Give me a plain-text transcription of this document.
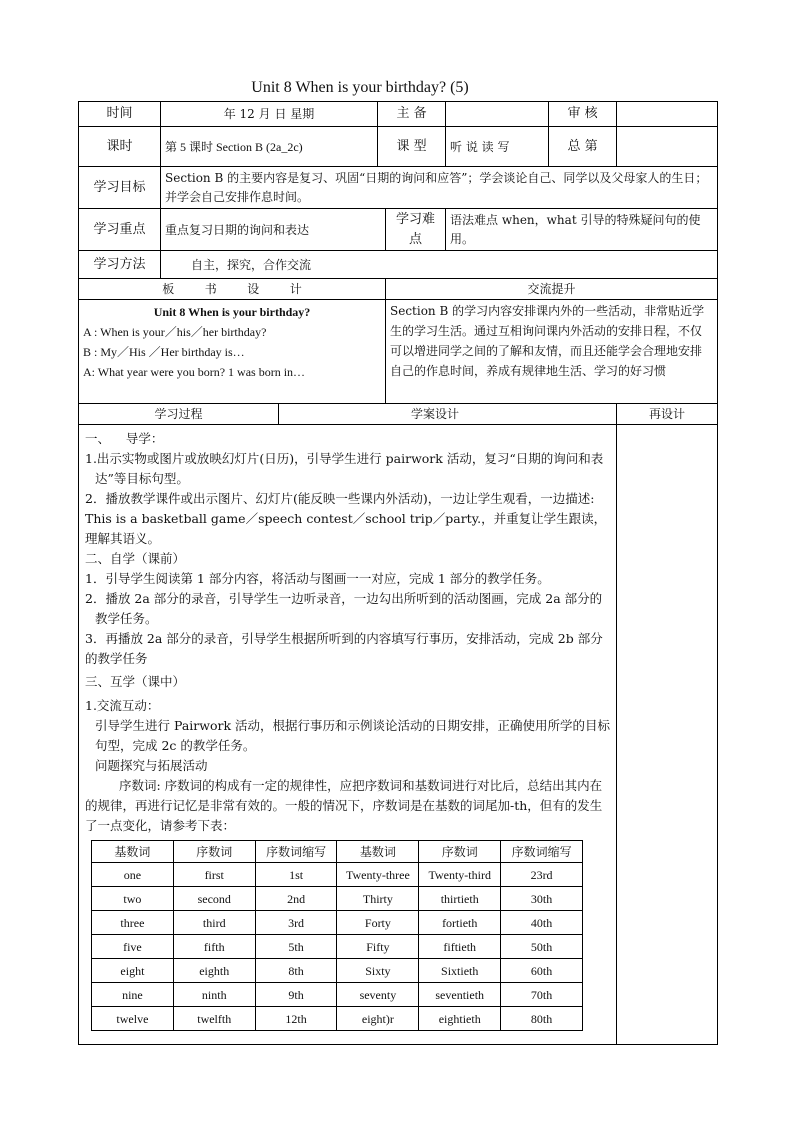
Unit 8 When is your birthday? (5)
时间	年 12 月 日 星期	主 备		审 核	
课时	第 5 课时 Section B (2a_2c)	课 型	听 说 读 写	总 第	
学习目标	Section B 的主要内容是复习、巩固“日期的询问和应答”；学会谈论自己、同学以及父母家人的生日；并学会自己安排作息时间。
学习重点	重点复习日期的询问和表达	学习难点	语法难点 when，what 引导的特殊疑问句的使用。
学习方法	自主，探究，合作交流
板        书        设        计	交流提升

Unit 8 When is your birthday?
A : When is your／his／her birthday?
B : My／His ／Her birthday is…
A: What year were you born? 1 was born in…
	Section B 的学习内容安排课内外的一些活动，非常贴近学生的学习生活。通过互相询问课内外活动的安排日程，不仅可以增进同学之间的了解和友情，而且还能学会合理地安排自己的作息时间，养成有规律地生活、学习的好习惯
学习过程	学案设计	再设计

一、    导学：

1.出示实物或图片或放映幻灯片(日历)，引导学生进行 pairwork 活动，复习“日期的询问和表达”等目标句型。

2．播放教学课件或出示图片、幻灯片(能反映一些课内外活动)，一边让学生观看，一边描述: This is a basketball game／speech contest／school trip／party.，并重复让学生跟读，理解其语义。

二、自学（课前）

1．引导学生阅读第 1 部分内容，将活动与图画一一对应，完成 1 部分的教学任务。

2．播放 2a 部分的录音，引导学生一边听录音，一边勾出所听到的活动图画，完成 2a 部分的教学任务。

3．再播放 2a 部分的录音，引导学生根据所听到的内容填写行事历，安排活动，完成 2b 部分的教学任务

三、互学（课中）

1.交流互动：

引导学生进行 Pairwork 活动，根据行事历和示例谈论活动的日期安排，正确使用所学的目标句型，完成 2c 的教学任务。

问题探究与拓展活动

序数词: 序数词的构成有一定的规律性，应把序数词和基数词进行对比后，总结出其内在的规律，再进行记忆是非常有效的。一般的情况下，序数词是在基数的词尾加-th，但有的发生了一点变化，请参考下表：

基数词	序数词	序数词缩写	基数词	序数词	序数词缩写
one	first	1st	Twenty-three	Twenty-third	23rd
two	second	2nd	Thirty	thirtieth	30th
three	third	3rd	Forty	fortieth	40th
five	fifth	5th	Fifty	fiftieth	50th
eight	eighth	8th	Sixty	Sixtieth	60th
nine	ninth	9th	seventy	seventieth	70th
twelve	twelfth	12th	eight)r	eightieth	80th
